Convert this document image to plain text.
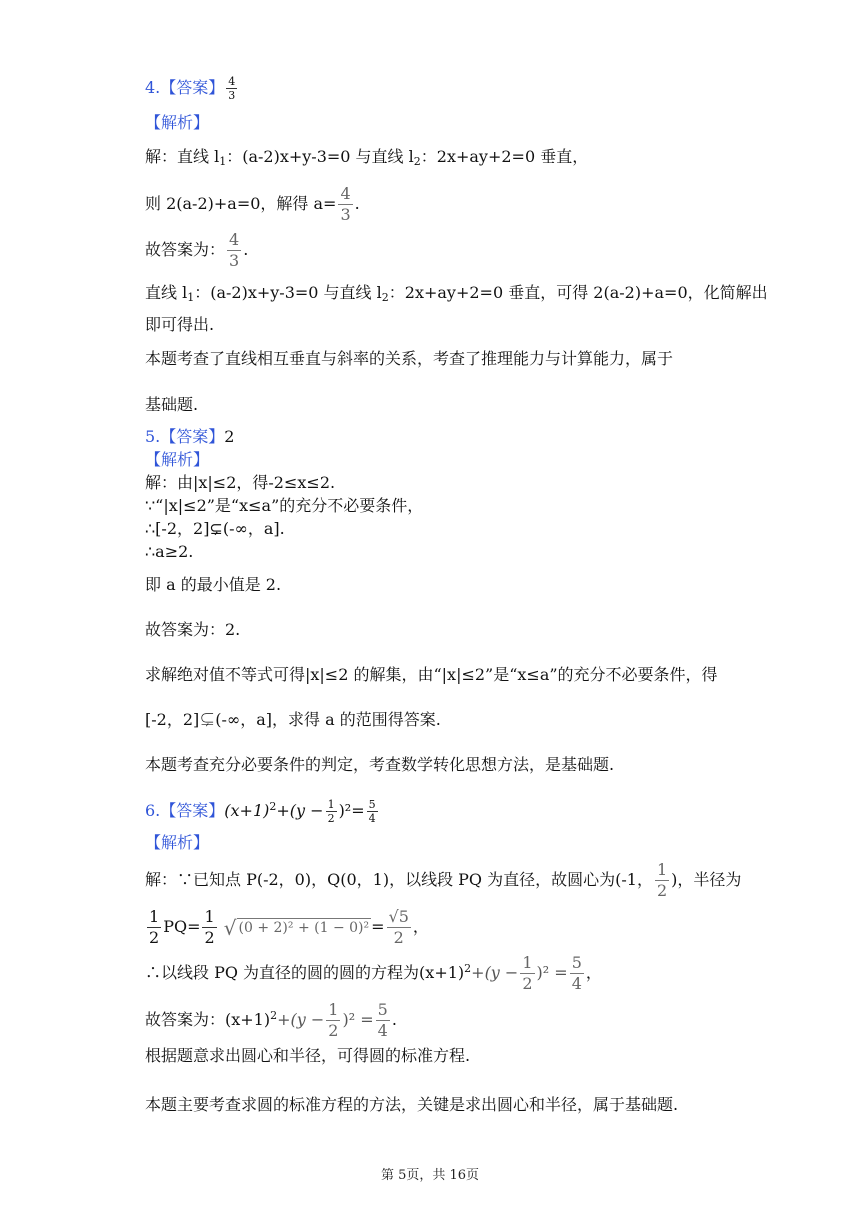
4.【答案】 $\frac{4}{3}$
【解析】
解：直线 $l_1$：(a-2)x+y-3=0 与直线 $l_2$：2x+ay+2=0 垂直，
则 2(a-2)+a=0，解得 $a= \frac{4}{3}$ .
故答案为： $\frac{4}{3}$ .
直线 $l_1$：(a-2)x+y-3=0 与直线 $l_2$：2x+ay+2=0 垂直，可得 2(a-2)+a=0，化简解出
即可得出.
本题考查了直线相互垂直与斜率的关系，考查了推理能力与计算能力，属于
基础题.
5.【答案】2
【解析】
解：由|x|≤2，得-2≤x≤2.
∵“|x|≤2”是“x≤a”的充分不必要条件，
∴[-2，2]⊊(-∞，a].
∴a≥2.
即 a 的最小值是 2.
故答案为：2.
求解绝对值不等式可得|x|≤2 的解集，由“|x|≤2”是“x≤a”的充分不必要条件，得
[-2，2]⊊(-∞，a]，求得 a 的范围得答案.
本题考查充分必要条件的判定，考查数学转化思想方法，是基础题.
6.【答案】$(x+1)^2+(y - \frac{1}{2} )^2= \frac{5}{4}$
【解析】
解：∵已知点 P(-2，0)，Q(0，1)，以线段 PQ 为直径，故圆心为(-1， $\frac{1}{2}$ )，半径为
$\frac{1}{2} PQ= \frac{1}{2}$
√ $(0 + 2)^2 + (1 - 0)^2 = \frac{√5}{2}$ ，
∴以线段 PQ 为直径的圆的圆的方程为$(x+1)^2+(y - \frac{1}{2} )^2 = \frac{5}{4}$ ，
故答案为：$(x+1)^2+(y - \frac{1}{2} )^2 = \frac{5}{4}$ .
根据题意求出圆心和半径，可得圆的标准方程.
本题主要考查求圆的标准方程的方法，关键是求出圆心和半径，属于基础题.
第 5页，共 16页
